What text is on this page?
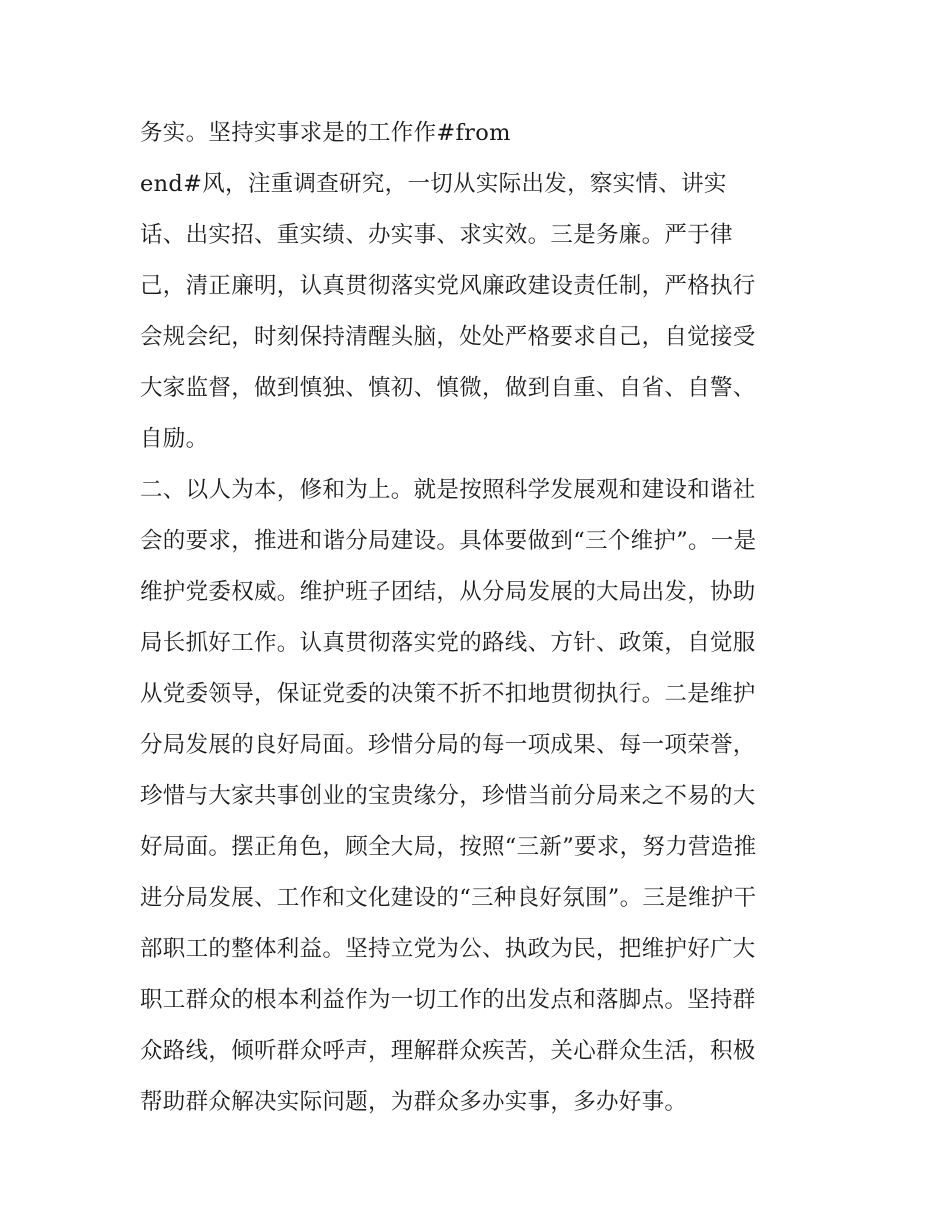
务实。坚持实事求是的工作作#from
end#风，注重调查研究，一切从实际出发，察实情、讲实
话、出实招、重实绩、办实事、求实效。三是务廉。严于律
己，清正廉明，认真贯彻落实党风廉政建设责任制，严格执行
会规会纪，时刻保持清醒头脑，处处严格要求自己，自觉接受
大家监督，做到慎独、慎初、慎微，做到自重、自省、自警、
自励。
二、以人为本，修和为上。就是按照科学发展观和建设和谐社
会的要求，推进和谐分局建设。具体要做到“三个维护”。一是
维护党委权威。维护班子团结，从分局发展的大局出发，协助
局长抓好工作。认真贯彻落实党的路线、方针、政策，自觉服
从党委领导，保证党委的决策不折不扣地贯彻执行。二是维护
分局发展的良好局面。珍惜分局的每一项成果、每一项荣誉，
珍惜与大家共事创业的宝贵缘分，珍惜当前分局来之不易的大
好局面。摆正角色，顾全大局，按照“三新”要求，努力营造推
进分局发展、工作和文化建设的“三种良好氛围”。三是维护干
部职工的整体利益。坚持立党为公、执政为民，把维护好广大
职工群众的根本利益作为一切工作的出发点和落脚点。坚持群
众路线，倾听群众呼声，理解群众疾苦，关心群众生活，积极
帮助群众解决实际问题，为群众多办实事，多办好事。
